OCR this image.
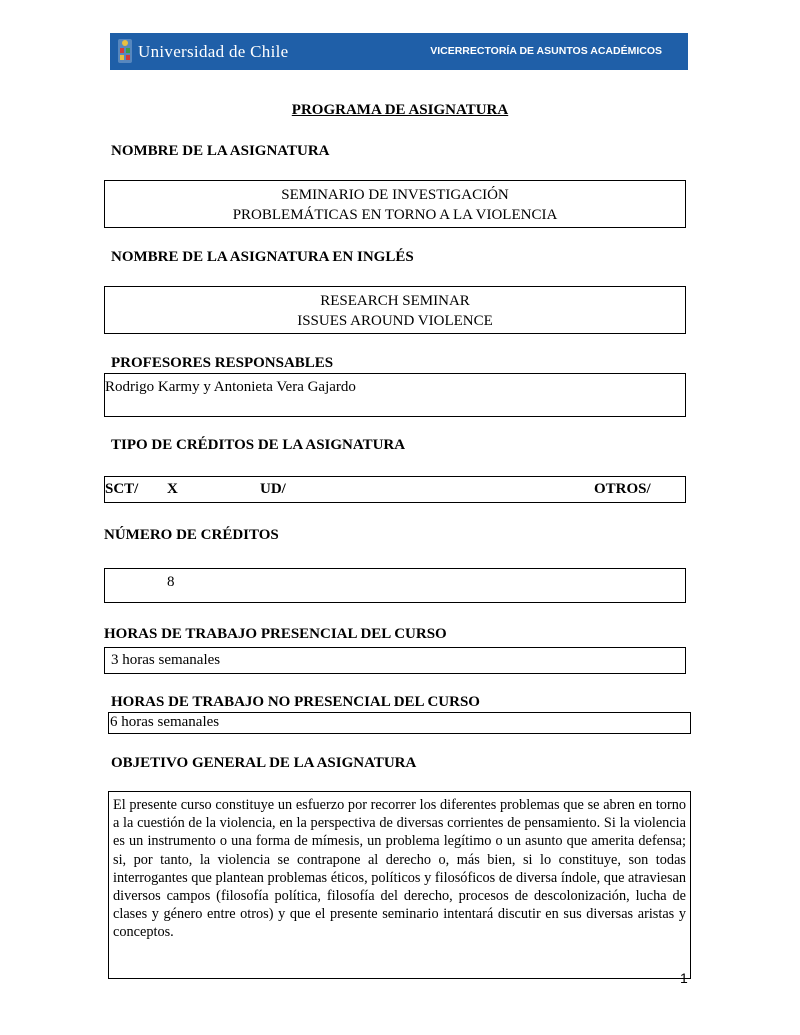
Universidad de Chile	VICERRECTORÍA DE ASUNTOS ACADÉMICOS
PROGRAMA DE ASIGNATURA
NOMBRE DE LA ASIGNATURA
SEMINARIO DE INVESTIGACIÓN
PROBLEMÁTICAS EN TORNO A LA VIOLENCIA
NOMBRE DE LA ASIGNATURA EN INGLÉS
RESEARCH SEMINAR
ISSUES AROUND VIOLENCE
PROFESORES RESPONSABLES
Rodrigo Karmy y Antonieta Vera Gajardo
TIPO DE CRÉDITOS DE LA ASIGNATURA
SCT/ X	UD/	OTROS/
NÚMERO DE CRÉDITOS
8
HORAS DE TRABAJO PRESENCIAL DEL CURSO
3 horas semanales
HORAS DE TRABAJO NO PRESENCIAL DEL CURSO
6 horas semanales
OBJETIVO GENERAL DE LA ASIGNATURA
El presente curso constituye un esfuerzo por recorrer los diferentes problemas que se abren en torno a la cuestión de la violencia, en la perspectiva de diversas corrientes de pensamiento. Si la violencia es un instrumento o una forma de mímesis, un problema legítimo o un asunto que amerita defensa; si, por tanto, la violencia se contrapone al derecho o, más bien, si lo constituye, son todas interrogantes que plantean problemas éticos, políticos y filosóficos de diversa índole, que atraviesan diversos campos (filosofía política, filosofía del derecho, procesos de descolonización, lucha de clases y género entre otros) y que el presente seminario intentará discutir en sus diversas aristas y conceptos.
1
